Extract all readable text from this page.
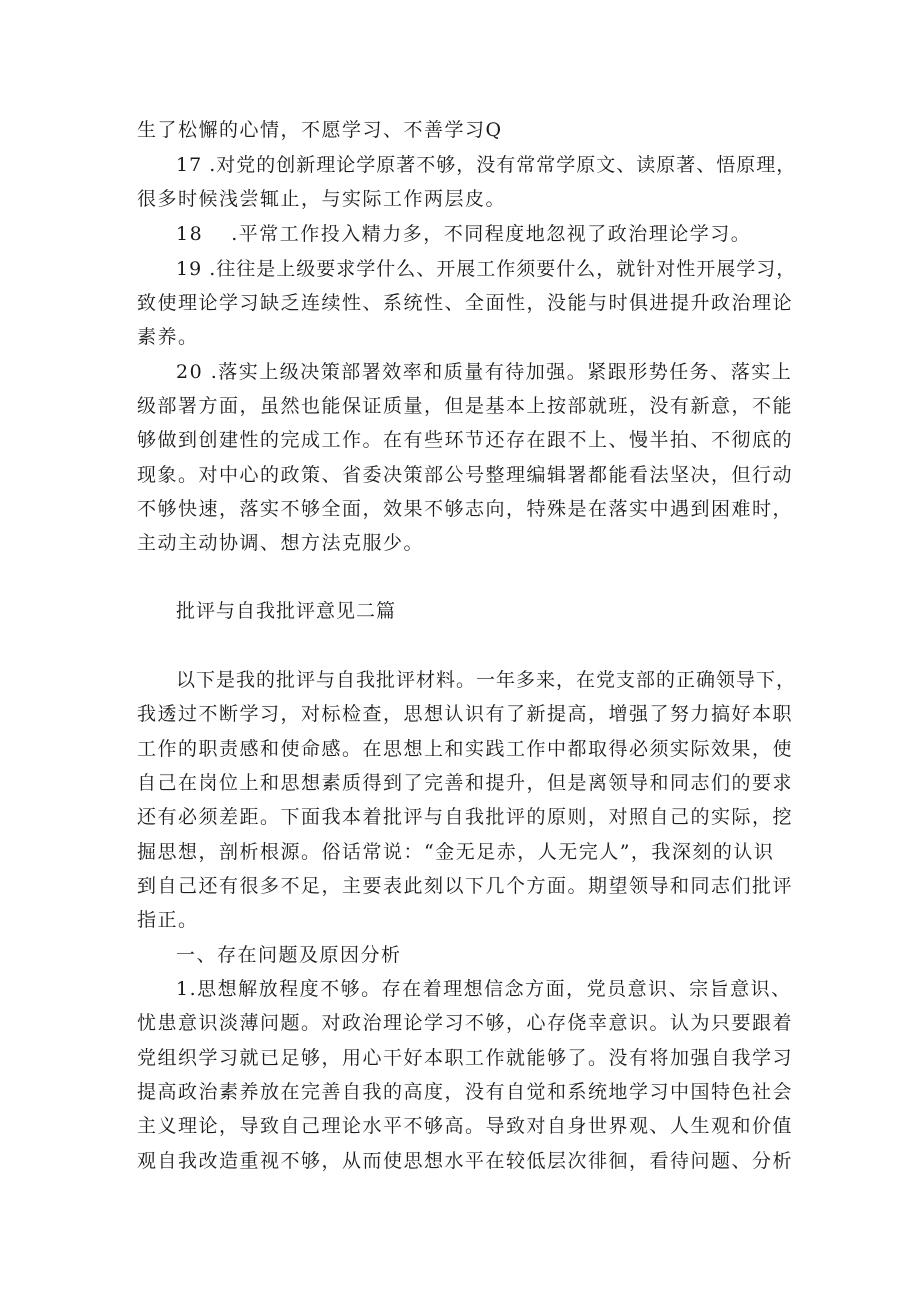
生了松懈的心情，不愿学习、不善学习Q
17 .对党的创新理论学原著不够，没有常常学原文、读原著、悟原理，
很多时候浅尝辄止，与实际工作两层皮。
18　 .平常工作投入精力多，不同程度地忽视了政治理论学习。
19 .往往是上级要求学什么、开展工作须要什么，就针对性开展学习，
致使理论学习缺乏连续性、系统性、全面性，没能与时俱进提升政治理论
素养。
20 .落实上级决策部署效率和质量有待加强。紧跟形势任务、落实上
级部署方面，虽然也能保证质量，但是基本上按部就班，没有新意，不能
够做到创建性的完成工作。在有些环节还存在跟不上、慢半拍、不彻底的
现象。对中心的政策、省委决策部公号整理编辑署都能看法坚决，但行动
不够快速，落实不够全面，效果不够志向，特殊是在落实中遇到困难时，
主动主动协调、想方法克服少。
批评与自我批评意见二篇
以下是我的批评与自我批评材料。一年多来，在党支部的正确领导下，
我透过不断学习，对标检查，思想认识有了新提高，增强了努力搞好本职
工作的职责感和使命感。在思想上和实践工作中都取得必须实际效果，使
自己在岗位上和思想素质得到了完善和提升，但是离领导和同志们的要求
还有必须差距。下面我本着批评与自我批评的原则，对照自己的实际，挖
掘思想，剖析根源。俗话常说：“金无足赤，人无完人”，我深刻的认识
到自己还有很多不足，主要表此刻以下几个方面。期望领导和同志们批评
指正。
一、存在问题及原因分析
1.思想解放程度不够。存在着理想信念方面，党员意识、宗旨意识、
忧患意识淡薄问题。对政治理论学习不够，心存侥幸意识。认为只要跟着
党组织学习就已足够，用心干好本职工作就能够了。没有将加强自我学习
提高政治素养放在完善自我的高度，没有自觉和系统地学习中国特色社会
主义理论，导致自己理论水平不够高。导致对自身世界观、人生观和价值
观自我改造重视不够，从而使思想水平在较低层次徘徊，看待问题、分析
